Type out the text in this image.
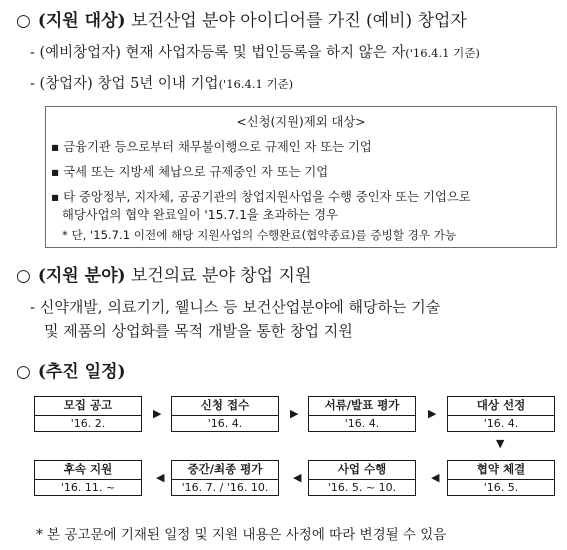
○ (지원 대상) 보건산업 분야 아이디어를 가진 (예비) 창업자
- (예비창업자) 현재 사업자등록 및 법인등록을 하지 않은 자('16.4.1 기준)
- (창업자) 창업 5년 이내 기업('16.4.1 기준)
<신청(지원)제외 대상>
▪ 금융기관 등으로부터 채무불이행으로 규제인 자 또는 기업
▪ 국세 또는 지방세 체납으로 규제중인 자 또는 기업
▪ 타 중앙정부, 지자체, 공공기관의 창업지원사업을 수행 중인자 또는 기업으로
해당사업의 협약 완료일이 '15.7.1을 초과하는 경우
* 단, '15.7.1 이전에 해당 지원사업의 수행완료(협약종료)를 증빙할 경우 가능
○ (지원 분야) 보건의료 분야 창업 지원
- 신약개발, 의료기기, 웰니스 등 보건산업분야에 해당하는 기술
및 제품의 상업화를 목적 개발을 통한 창업 지원
○ (추진 일정)
모집 공고
'16. 2.
▶
신청 접수
'16. 4.
▶
서류/발표 평가
'16. 4.
▶
대상 선정
'16. 4.
▼
후속 지원
'16. 11. ~
◀
중간/최종 평가
'16. 7. / '16. 10.
◀
사업 수행
'16. 5. ~ 10.
◀
협약 체결
'16. 5.
* 본 공고문에 기재된 일정 및 지원 내용은 사정에 따라 변경될 수 있음
